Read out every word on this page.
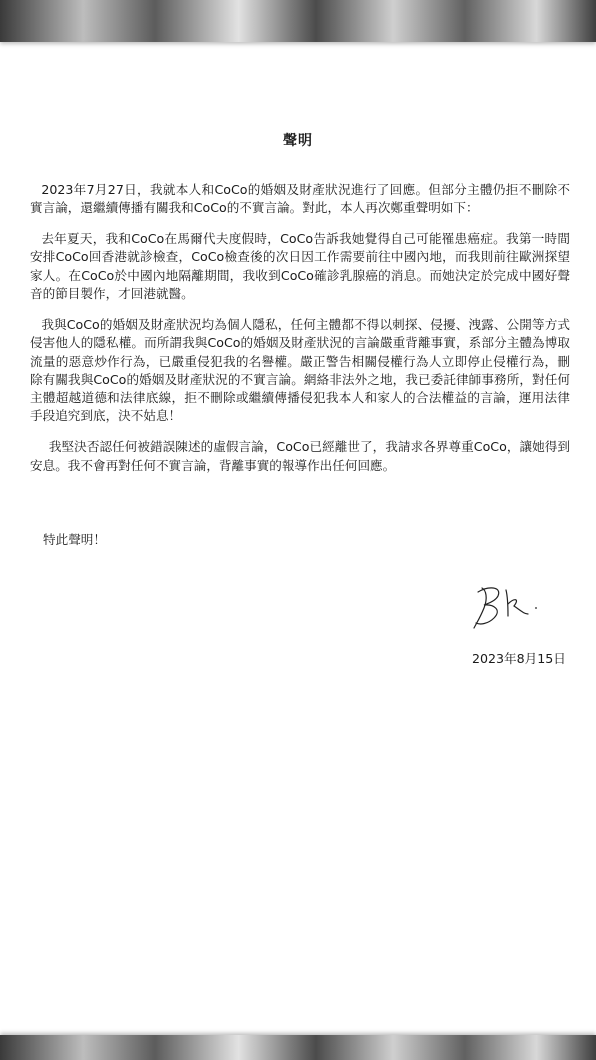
聲明

2023年7月27日，我就本人和CoCo的婚姻及財產狀況進行了回應。但部分主體仍拒不刪除不實言論，還繼續傳播有關我和CoCo的不實言論。對此，本人再次鄭重聲明如下：

去年夏天，我和CoCo在馬爾代夫度假時，CoCo告訴我她覺得自己可能罹患癌症。我第一時間安排CoCo回香港就診檢查，CoCo檢查後的次日因工作需要前往中國內地，而我則前往歐洲探望家人。在CoCo於中國內地隔離期間，我收到CoCo確診乳腺癌的消息。而她決定於完成中國好聲音的節目製作，才回港就醫。

我與CoCo的婚姻及財產狀況均為個人隱私，任何主體都不得以刺探、侵擾、洩露、公開等方式侵害他人的隱私權。而所謂我與CoCo的婚姻及財產狀況的言論嚴重背離事實，系部分主體為博取流量的惡意炒作行為，已嚴重侵犯我的名譽權。嚴正警告相關侵權行為人立即停止侵權行為，刪除有關我與CoCo的婚姻及財產狀況的不實言論。網絡非法外之地，我已委託律師事務所，對任何主體超越道德和法律底線，拒不刪除或繼續傳播侵犯我本人和家人的合法權益的言論，運用法律手段追究到底，決不姑息！

我堅決否認任何被錯誤陳述的虛假言論，CoCo已經離世了，我請求各界尊重CoCo，讓她得到安息。我不會再對任何不實言論，背離事實的報導作出任何回應。

特此聲明！
2023年8月15日
